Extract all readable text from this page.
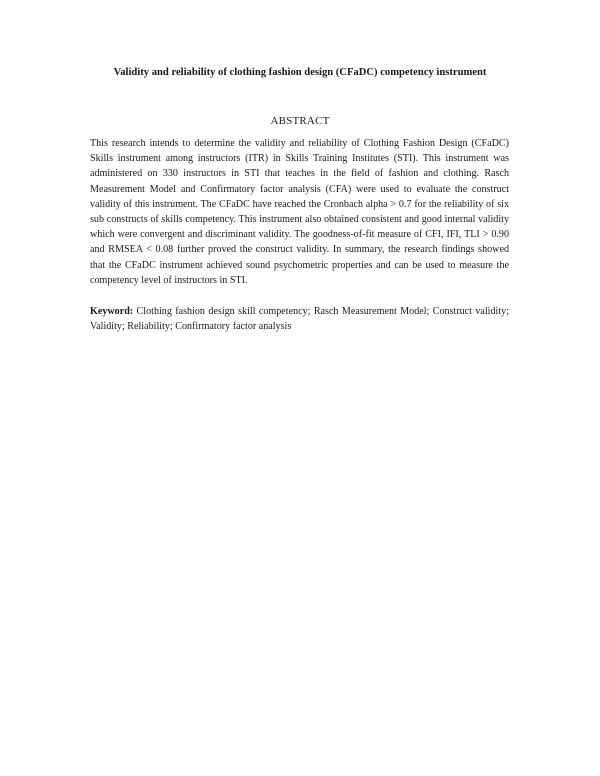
Validity and reliability of clothing fashion design (CFaDC) competency instrument
ABSTRACT
This research intends to determine the validity and reliability of Clothing Fashion Design (CFaDC) Skills instrument among instructors (ITR) in Skills Training Institutes (STI). This instrument was administered on 330 instructors in STI that teaches in the field of fashion and clothing. Rasch Measurement Model and Confirmatory factor analysis (CFA) were used to evaluate the construct validity of this instrument. The CFaDC have reached the Cronbach alpha > 0.7 for the reliability of six sub constructs of skills competency. This instrument also obtained consistent and good internal validity which were convergent and discriminant validity. The goodness-of-fit measure of CFI, IFI, TLI > 0.90 and RMSEA < 0.08 further proved the construct validity. In summary, the research findings showed that the CFaDC instrument achieved sound psychometric properties and can be used to measure the competency level of instructors in STI.
Keyword: Clothing fashion design skill competency; Rasch Measurement Model; Construct validity; Validity; Reliability; Confirmatory factor analysis
